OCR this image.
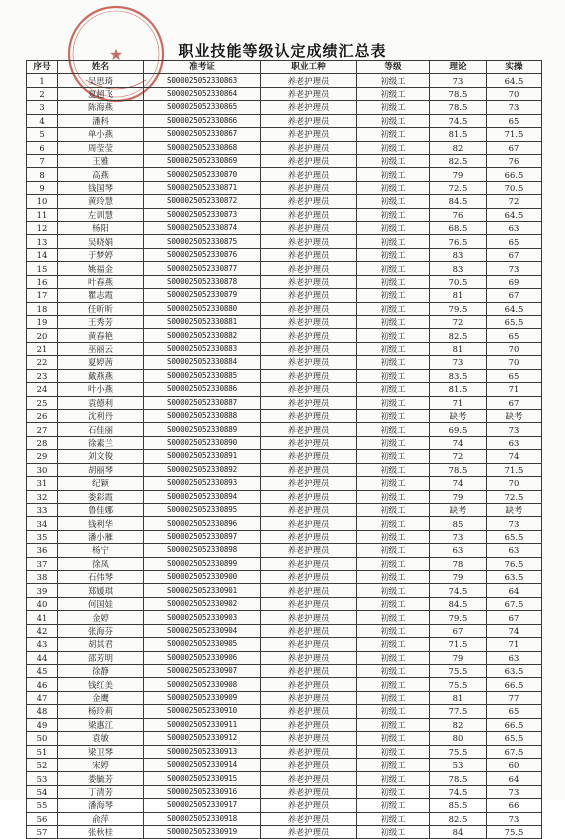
★	职业技能等级认定成绩汇总表
序号	姓名	准考证	职业工种	等级	理论	实操
1	吴思琦	S000025052330863	养老护理员	初级工	73	64.5
2	夏超飞	S000025052330864	养老护理员	初级工	78.5	70
3	陈海燕	S000025052330865	养老护理员	初级工	78.5	73
4	潘科	S000025052330866	养老护理员	初级工	74.5	65
5	单小燕	S000025052330867	养老护理员	初级工	81.5	71.5
6	周莹莹	S000025052330868	养老护理员	初级工	82	67
7	王雅	S000025052330869	养老护理员	初级工	82.5	76
8	高燕	S000025052330870	养老护理员	初级工	79	66.5
9	钱国琴	S000025052330871	养老护理员	初级工	72.5	70.5
10	黄玲慧	S000025052330872	养老护理员	初级工	84.5	72
11	左训慧	S000025052330873	养老护理员	初级工	76	64.5
12	杨阳	S000025052330874	养老护理员	初级工	68.5	63
13	吴晓娟	S000025052330875	养老护理员	初级工	76.5	65
14	于梦婷	S000025052330876	养老护理员	初级工	83	67
15	姚福金	S000025052330877	养老护理员	初级工	83	73
16	叶春燕	S000025052330878	养老护理员	初级工	70.5	69
17	瞿志霞	S000025052330879	养老护理员	初级工	81	67
18	任昕昕	S000025052330880	养老护理员	初级工	79.5	64.5
19	王秀芳	S000025052330881	养老护理员	初级工	72	65.5
20	黄春艳	S000025052330882	养老护理员	初级工	82.5	65
21	巫丽云	S000025052330883	养老护理员	初级工	81	70
22	夏婷茜	S000025052330884	养老护理员	初级工	73	70
23	戴燕燕	S000025052330885	养老护理员	初级工	83.5	65
24	叶小燕	S000025052330886	养老护理员	初级工	81.5	71
25	袁德利	S000025052330887	养老护理员	初级工	71	67
26	沈利丹	S000025052330888	养老护理员	初级工	缺考	缺考
27	石佳丽	S000025052330889	养老护理员	初级工	69.5	73
28	徐素兰	S000025052330890	养老护理员	初级工	74	63
29	刘文俊	S000025052330891	养老护理员	初级工	72	74
30	胡丽琴	S000025052330892	养老护理员	初级工	78.5	71.5
31	纪颖	S000025052330893	养老护理员	初级工	74	70
32	娄彩霞	S000025052330894	养老护理员	初级工	79	72.5
33	鲁佳娜	S000025052330895	养老护理员	初级工	缺考	缺考
34	钱利华	S000025052330896	养老护理员	初级工	85	73
35	潘小雁	S000025052330897	养老护理员	初级工	73	65.5
36	杨宁	S000025052330898	养老护理员	初级工	63	63
37	徐凤	S000025052330899	养老护理员	初级工	78	76.5
38	石伟琴	S000025052330900	养老护理员	初级工	79	63.5
39	郑媛琪	S000025052330901	养老护理员	初级工	74.5	64
40	何国娃	S000025052330902	养老护理员	初级工	84.5	67.5
41	金婷	S000025052330903	养老护理员	初级工	79.5	67
42	张海芬	S000025052330904	养老护理员	初级工	67	74
43	胡其君	S000025052330905	养老护理员	初级工	71.5	71
44	邵芳明	S000025052330906	养老护理员	初级工	79	63
45	徐静	S000025052330907	养老护理员	初级工	75.5	63.5
46	钱红美	S000025052330908	养老护理员	初级工	75.5	66.5
47	金鹰	S000025052330909	养老护理员	初级工	81	77
48	杨玲莉	S000025052330910	养老护理员	初级工	77.5	65
49	梁惠江	S000025052330911	养老护理员	初级工	82	66.5
50	袁敏	S000025052330912	养老护理员	初级工	80	65.5
51	梁卫琴	S000025052330913	养老护理员	初级工	75.5	67.5
52	宋婷	S000025052330914	养老护理员	初级工	53	60
53	娄毓芳	S000025052330915	养老护理员	初级工	78.5	64
54	丁清芳	S000025052330916	养老护理员	初级工	74.5	73
55	潘海琴	S000025052330917	养老护理员	初级工	85.5	66
56	俞萍	S000025052330918	养老护理员	初级工	82.5	73
57	张秋桂	S000025052330919	养老护理员	初级工	84	75.5
